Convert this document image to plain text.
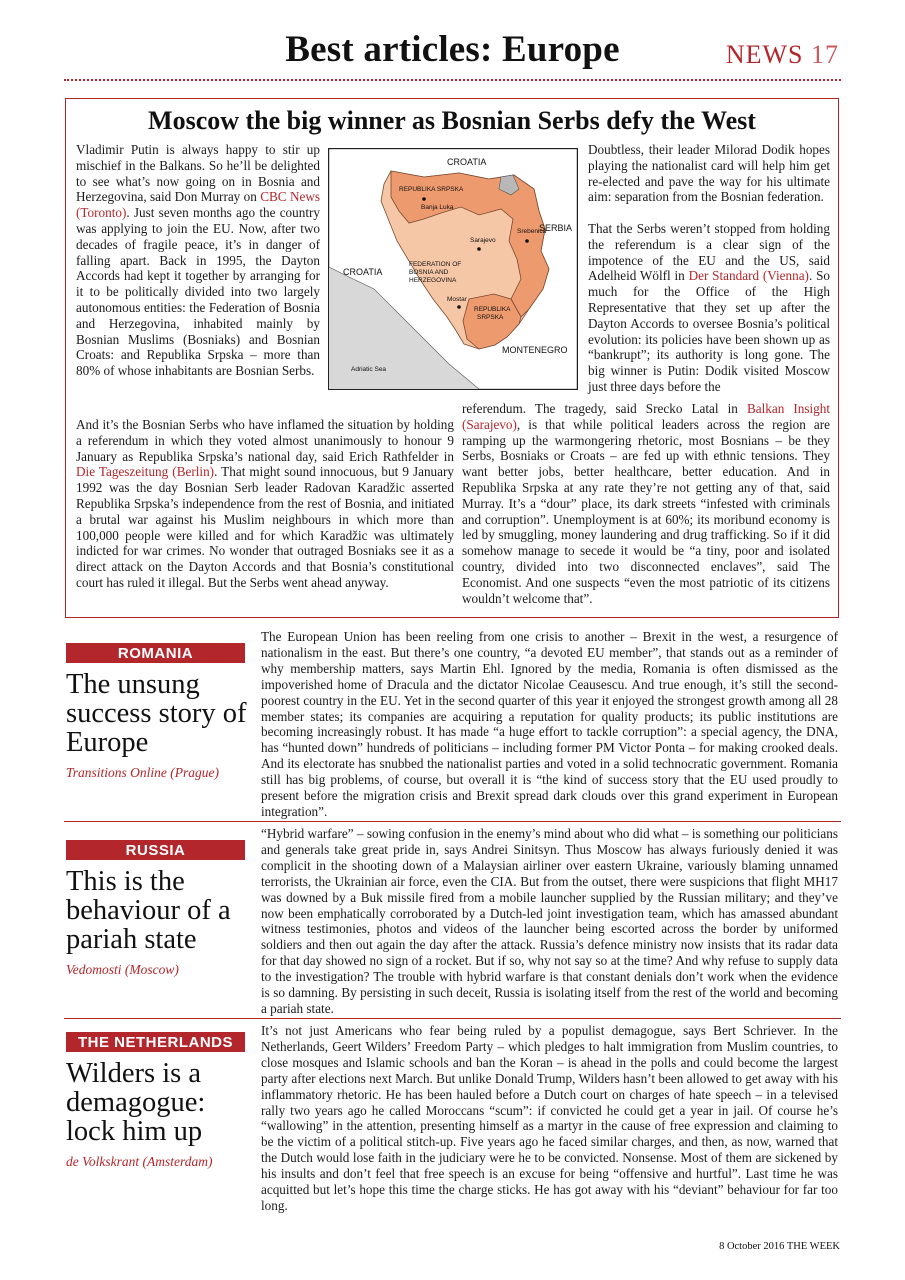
Best articles: Europe	NEWS 17
Moscow the big winner as Bosnian Serbs defy the West

Vladimir Putin is always happy to stir up mischief in the Balkans. So he’ll be delighted to see what’s now going on in Bosnia and Herzegovina, said Don Murray on CBC News (Toronto). Just seven months ago the country was applying to join the EU. Now, after two decades of fragile peace, it’s in danger of falling apart. Back in 1995, the Dayton Accords had kept it together by arranging for it to be politically divided into two largely autonomous entities: the Federation of Bosnia and Herzegovina, inhabited mainly by Bosnian Muslims (Bosniaks) and Bosnian Croats: and Republika Srpska – more than 80% of whose inhabitants are Bosnian Serbs.

And it’s the Bosnian Serbs who have inflamed the situation by holding a referendum in which they voted almost unanimously to honour 9 January as Republika Srpska’s national day, said Erich Rathfelder in Die Tageszeitung (Berlin). That might sound innocuous, but 9 January 1992 was the day Bosnian Serb leader Radovan Karadžic asserted Republika Srpska’s independence from the rest of Bosnia, and initiated a brutal war against his Muslim neighbours in which more than 100,000 people were killed and for which Karadžic was ultimately indicted for war crimes. No wonder that outraged Bosniaks see it as a direct attack on the Dayton Accords and that Bosnia’s constitutional court has ruled it illegal. But the Serbs went ahead anyway.

Doubtless, their leader Milorad Dodik hopes playing the nationalist card will help him get re-elected and pave the way for his ultimate aim: separation from the Bosnian federation.

That the Serbs weren’t stopped from holding the referendum is a clear sign of the impotence of the EU and the US, said Adelheid Wölfl in Der Standard (Vienna). So much for the Office of the High Representative that they set up after the Dayton Accords to oversee Bosnia’s political evolution: its policies have been shown up as “bankrupt”; its authority is long gone. The big winner is Putin: Dodik visited Moscow just three days before the

referendum. The tragedy, said Srecko Latal in Balkan Insight (Sarajevo), is that while political leaders across the region are ramping up the warmongering rhetoric, most Bosnians – be they Serbs, Bosniaks or Croats – are fed up with ethnic tensions. They want better jobs, better healthcare, better education. And in Republika Srpska at any rate they’re not getting any of that, said Murray. It’s a “dour” place, its dark streets “infested with criminals and corruption”. Unemployment is at 60%; its moribund economy is led by smuggling, money laundering and drug trafficking. So if it did somehow manage to secede it would be “a tiny, poor and isolated country, divided into two disconnected enclaves”, said The Economist. And one suspects “even the most patriotic of its citizens wouldn’t welcome that”.

CROATIA
CROATIA
SERBIA
MONTENEGRO
REPUBLIKA SRPSKA
Banja Luka
FEDERATION OF
BOSNIA AND
HERZEGOVINA
Sarajevo
Srebenica
Mostar
REPUBLIKA
SRPSKA
Adriatic Sea
ROMANIA
The unsung success story of Europe
Transitions Online (Prague)
The European Union has been reeling from one crisis to another – Brexit in the west, a resurgence of nationalism in the east. But there’s one country, “a devoted EU member”, that stands out as a reminder of why membership matters, says Martin Ehl. Ignored by the media, Romania is often dismissed as the impoverished home of Dracula and the dictator Nicolae Ceausescu. And true enough, it’s still the second-poorest country in the EU. Yet in the second quarter of this year it enjoyed the strongest growth among all 28 member states; its companies are acquiring a reputation for quality products; its public institutions are becoming increasingly robust. It has made “a huge effort to tackle corruption”: a special agency, the DNA, has “hunted down” hundreds of politicians – including former PM Victor Ponta – for making crooked deals. And its electorate has snubbed the nationalist parties and voted in a solid technocratic government. Romania still has big problems, of course, but overall it is “the kind of success story that the EU used proudly to present before the migration crisis and Brexit spread dark clouds over this grand experiment in European integration”.
RUSSIA
This is the behaviour of a pariah state
Vedomosti (Moscow)
“Hybrid warfare” – sowing confusion in the enemy’s mind about who did what – is something our politicians and generals take great pride in, says Andrei Sinitsyn. Thus Moscow has always furiously denied it was complicit in the shooting down of a Malaysian airliner over eastern Ukraine, variously blaming unnamed terrorists, the Ukrainian air force, even the CIA. But from the outset, there were suspicions that flight MH17 was downed by a Buk missile fired from a mobile launcher supplied by the Russian military; and they’ve now been emphatically corroborated by a Dutch-led joint investigation team, which has amassed abundant witness testimonies, photos and videos of the launcher being escorted across the border by uniformed soldiers and then out again the day after the attack. Russia’s defence ministry now insists that its radar data for that day showed no sign of a rocket. But if so, why not say so at the time? And why refuse to supply data to the investigation? The trouble with hybrid warfare is that constant denials don’t work when the evidence is so damning. By persisting in such deceit, Russia is isolating itself from the rest of the world and becoming a pariah state.
THE NETHERLANDS
Wilders is a demagogue: lock him up
de Volkskrant (Amsterdam)
It’s not just Americans who fear being ruled by a populist demagogue, says Bert Schriever. In the Netherlands, Geert Wilders’ Freedom Party – which pledges to halt immigration from Muslim countries, to close mosques and Islamic schools and ban the Koran – is ahead in the polls and could become the largest party after elections next March. But unlike Donald Trump, Wilders hasn’t been allowed to get away with his inflammatory rhetoric. He has been hauled before a Dutch court on charges of hate speech – in a televised rally two years ago he called Moroccans “scum”: if convicted he could get a year in jail. Of course he’s “wallowing” in the attention, presenting himself as a martyr in the cause of free expression and claiming to be the victim of a political stitch-up. Five years ago he faced similar charges, and then, as now, warned that the Dutch would lose faith in the judiciary were he to be convicted. Nonsense. Most of them are sickened by his insults and don’t feel that free speech is an excuse for being “offensive and hurtful”. Last time he was acquitted but let’s hope this time the charge sticks. He has got away with his “deviant” behaviour for far too long.
8 October 2016 THE WEEK
